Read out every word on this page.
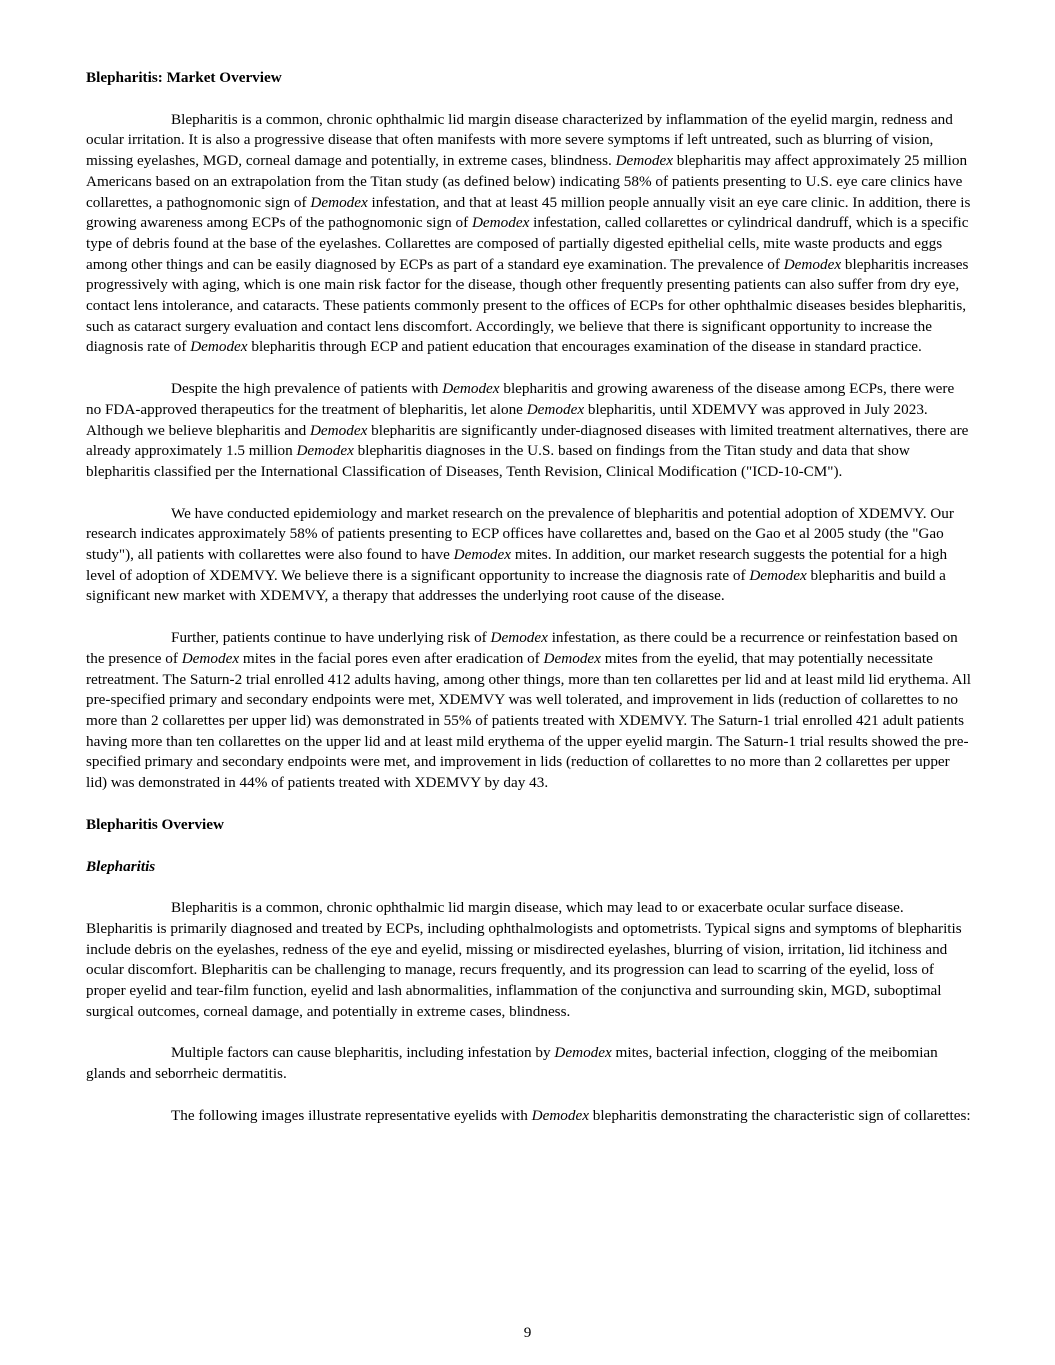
Blepharitis: Market Overview

Blepharitis is a common, chronic ophthalmic lid margin disease characterized by inflammation of the eyelid margin, redness and ocular irritation. It is also a progressive disease that often manifests with more severe symptoms if left untreated, such as blurring of vision, missing eyelashes, MGD, corneal damage and potentially, in extreme cases, blindness. Demodex blepharitis may affect approximately 25 million Americans based on an extrapolation from the Titan study (as defined below) indicating 58% of patients presenting to U.S. eye care clinics have collarettes, a pathognomonic sign of Demodex infestation, and that at least 45 million people annually visit an eye care clinic. In addition, there is growing awareness among ECPs of the pathognomonic sign of Demodex infestation, called collarettes or cylindrical dandruff, which is a specific type of debris found at the base of the eyelashes. Collarettes are composed of partially digested epithelial cells, mite waste products and eggs among other things and can be easily diagnosed by ECPs as part of a standard eye examination. The prevalence of Demodex blepharitis increases progressively with aging, which is one main risk factor for the disease, though other frequently presenting patients can also suffer from dry eye, contact lens intolerance, and cataracts. These patients commonly present to the offices of ECPs for other ophthalmic diseases besides blepharitis, such as cataract surgery evaluation and contact lens discomfort. Accordingly, we believe that there is significant opportunity to increase the diagnosis rate of Demodex blepharitis through ECP and patient education that encourages examination of the disease in standard practice.

Despite the high prevalence of patients with Demodex blepharitis and growing awareness of the disease among ECPs, there were no FDA-approved therapeutics for the treatment of blepharitis, let alone Demodex blepharitis, until XDEMVY was approved in July 2023. Although we believe blepharitis and Demodex blepharitis are significantly under-diagnosed diseases with limited treatment alternatives, there are already approximately 1.5 million Demodex blepharitis diagnoses in the U.S. based on findings from the Titan study and data that show blepharitis classified per the International Classification of Diseases, Tenth Revision, Clinical Modification ("ICD-10-CM").

We have conducted epidemiology and market research on the prevalence of blepharitis and potential adoption of XDEMVY. Our research indicates approximately 58% of patients presenting to ECP offices have collarettes and, based on the Gao et al 2005 study (the "Gao study"), all patients with collarettes were also found to have Demodex mites. In addition, our market research suggests the potential for a high level of adoption of XDEMVY. We believe there is a significant opportunity to increase the diagnosis rate of Demodex blepharitis and build a significant new market with XDEMVY, a therapy that addresses the underlying root cause of the disease.

Further, patients continue to have underlying risk of Demodex infestation, as there could be a recurrence or reinfestation based on the presence of Demodex mites in the facial pores even after eradication of Demodex mites from the eyelid, that may potentially necessitate retreatment. The Saturn-2 trial enrolled 412 adults having, among other things, more than ten collarettes per lid and at least mild lid erythema. All pre-specified primary and secondary endpoints were met, XDEMVY was well tolerated, and improvement in lids (reduction of collarettes to no more than 2 collarettes per upper lid) was demonstrated in 55% of patients treated with XDEMVY. The Saturn-1 trial enrolled 421 adult patients having more than ten collarettes on the upper lid and at least mild erythema of the upper eyelid margin. The Saturn-1 trial results showed the pre-specified primary and secondary endpoints were met, and improvement in lids (reduction of collarettes to no more than 2 collarettes per upper lid) was demonstrated in 44% of patients treated with XDEMVY by day 43.

Blepharitis Overview
Blepharitis

Blepharitis is a common, chronic ophthalmic lid margin disease, which may lead to or exacerbate ocular surface disease. Blepharitis is primarily diagnosed and treated by ECPs, including ophthalmologists and optometrists. Typical signs and symptoms of blepharitis include debris on the eyelashes, redness of the eye and eyelid, missing or misdirected eyelashes, blurring of vision, irritation, lid itchiness and ocular discomfort. Blepharitis can be challenging to manage, recurs frequently, and its progression can lead to scarring of the eyelid, loss of proper eyelid and tear-film function, eyelid and lash abnormalities, inflammation of the conjunctiva and surrounding skin, MGD, suboptimal surgical outcomes, corneal damage, and potentially in extreme cases, blindness.

Multiple factors can cause blepharitis, including infestation by Demodex mites, bacterial infection, clogging of the meibomian glands and seborrheic dermatitis.

The following images illustrate representative eyelids with Demodex blepharitis demonstrating the characteristic sign of collarettes:

9
